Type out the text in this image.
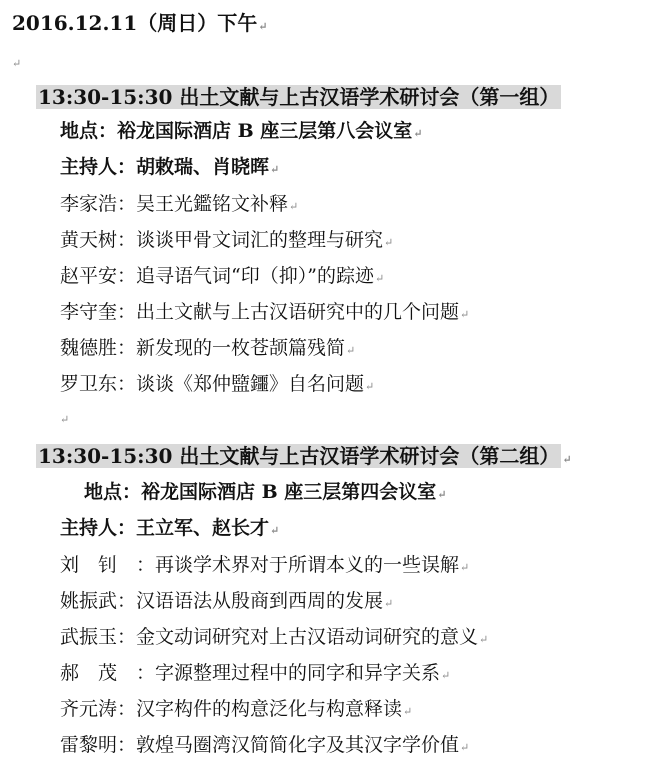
2016.12.11（周日）下午↵
↵
13:30-15:30 出土文献与上古汉语学术研讨会（第一组）
地点：裕龙国际酒店 B 座三层第八会议室↵
主持人：胡敕瑞、肖晓晖↵
李家浩：吴王光鑑铭文补释↵
黄天树：谈谈甲骨文词汇的整理与研究↵
赵平安：追寻语气词“印（抑）”的踪迹↵
李守奎：出土文献与上古汉语研究中的几个问题↵
魏德胜：新发现的一枚苍颉篇残简↵
罗卫东：谈谈《郑仲盬鑩》自名问题↵
↵
13:30-15:30 出土文献与上古汉语学术研讨会（第二组） ↵
地点：裕龙国际酒店 B 座三层第四会议室↵
主持人：王立军、赵长才↵
刘钊：再谈学术界对于所谓本义的一些误解↵
姚振武：汉语语法从殷商到西周的发展↵
武振玉：金文动词研究对上古汉语动词研究的意义↵
郝茂：字源整理过程中的同字和异字关系↵
齐元涛：汉字构件的构意泛化与构意释读↵
雷黎明：敦煌马圈湾汉简简化字及其汉字学价值↵
